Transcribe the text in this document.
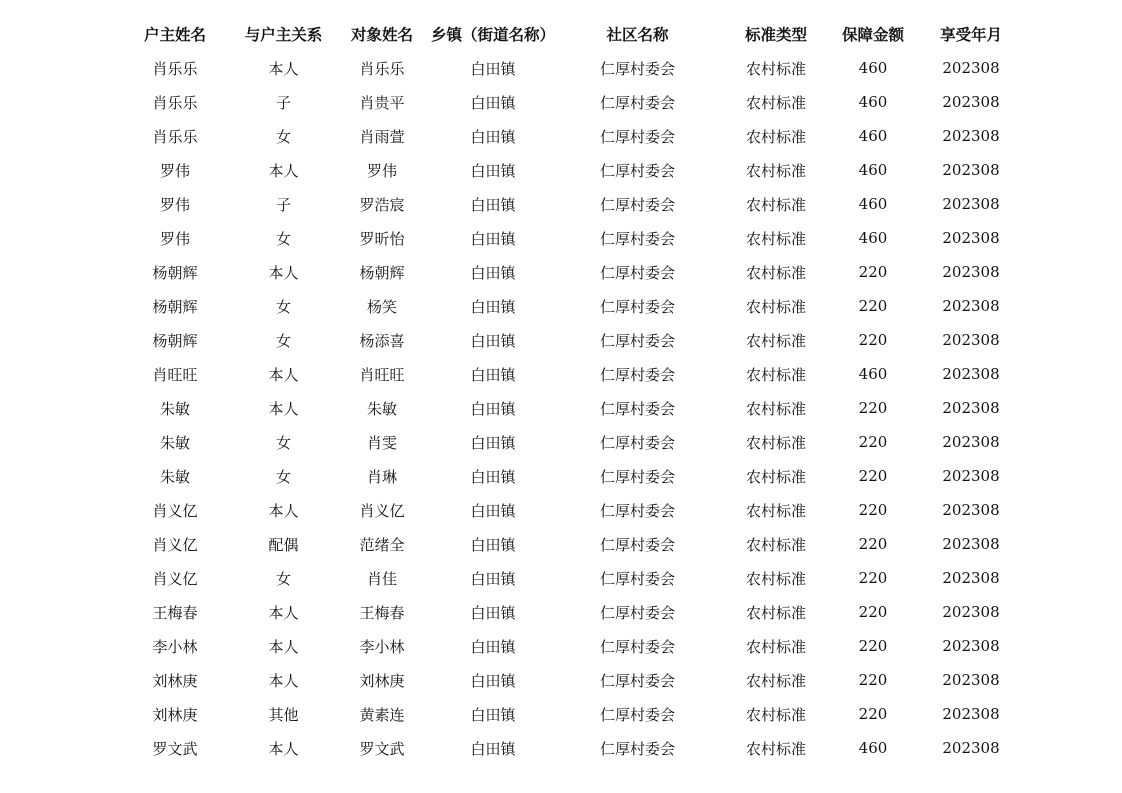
户主姓名	与户主关系	对象姓名	乡镇（街道名称）	社区名称	标准类型	保障金额	享受年月
肖乐乐	本人	肖乐乐	白田镇	仁厚村委会	农村标准	460	202308
肖乐乐	子	肖贵平	白田镇	仁厚村委会	农村标准	460	202308
肖乐乐	女	肖雨萱	白田镇	仁厚村委会	农村标准	460	202308
罗伟	本人	罗伟	白田镇	仁厚村委会	农村标准	460	202308
罗伟	子	罗浩宸	白田镇	仁厚村委会	农村标准	460	202308
罗伟	女	罗昕怡	白田镇	仁厚村委会	农村标准	460	202308
杨朝辉	本人	杨朝辉	白田镇	仁厚村委会	农村标准	220	202308
杨朝辉	女	杨笑	白田镇	仁厚村委会	农村标准	220	202308
杨朝辉	女	杨添喜	白田镇	仁厚村委会	农村标准	220	202308
肖旺旺	本人	肖旺旺	白田镇	仁厚村委会	农村标准	460	202308
朱敏	本人	朱敏	白田镇	仁厚村委会	农村标准	220	202308
朱敏	女	肖雯	白田镇	仁厚村委会	农村标准	220	202308
朱敏	女	肖琳	白田镇	仁厚村委会	农村标准	220	202308
肖义亿	本人	肖义亿	白田镇	仁厚村委会	农村标准	220	202308
肖义亿	配偶	范绪全	白田镇	仁厚村委会	农村标准	220	202308
肖义亿	女	肖佳	白田镇	仁厚村委会	农村标准	220	202308
王梅春	本人	王梅春	白田镇	仁厚村委会	农村标准	220	202308
李小林	本人	李小林	白田镇	仁厚村委会	农村标准	220	202308
刘林庚	本人	刘林庚	白田镇	仁厚村委会	农村标准	220	202308
刘林庚	其他	黄素连	白田镇	仁厚村委会	农村标准	220	202308
罗文武	本人	罗文武	白田镇	仁厚村委会	农村标准	460	202308
